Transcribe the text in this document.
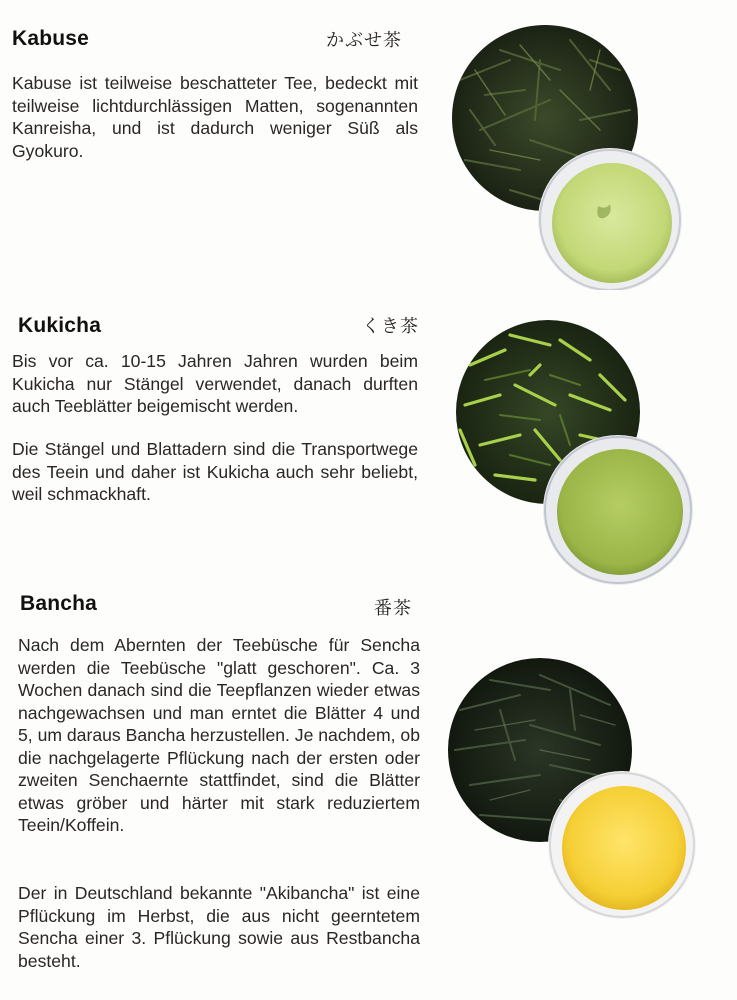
Kabuse	かぶせ茶

Kabuse ist teilweise beschatteter Tee, bedeckt mit teilweise lichtdurchlässigen Matten, sogenannten Kanreisha, und ist dadurch weniger Süß als Gyokuro.

Kukicha	くき茶

Bis vor ca. 10-15 Jahren Jahren wurden beim Kukicha nur Stängel verwendet, danach durften auch Teeblätter beigemischt werden.

Die Stängel und Blattadern sind die Transportwege des Teein und daher ist Kukicha auch sehr beliebt, weil schmackhaft.

Bancha	番茶

Nach dem Abernten der Teebüsche für Sencha werden die Teebüsche "glatt geschoren". Ca. 3 Wochen danach sind die Teepflanzen wieder etwas nachgewachsen und man erntet die Blätter 4 und 5, um daraus Bancha herzustellen. Je nachdem, ob die nachgelagerte Pflückung nach der ersten oder zweiten Senchaernte stattfindet, sind die Blätter etwas gröber und härter mit stark reduziertem Teein/Koffein.

Der in Deutschland bekannte "Akibancha" ist eine Pflückung im Herbst, die aus nicht geerntetem Sencha einer 3. Pflückung sowie aus Restbancha besteht.
